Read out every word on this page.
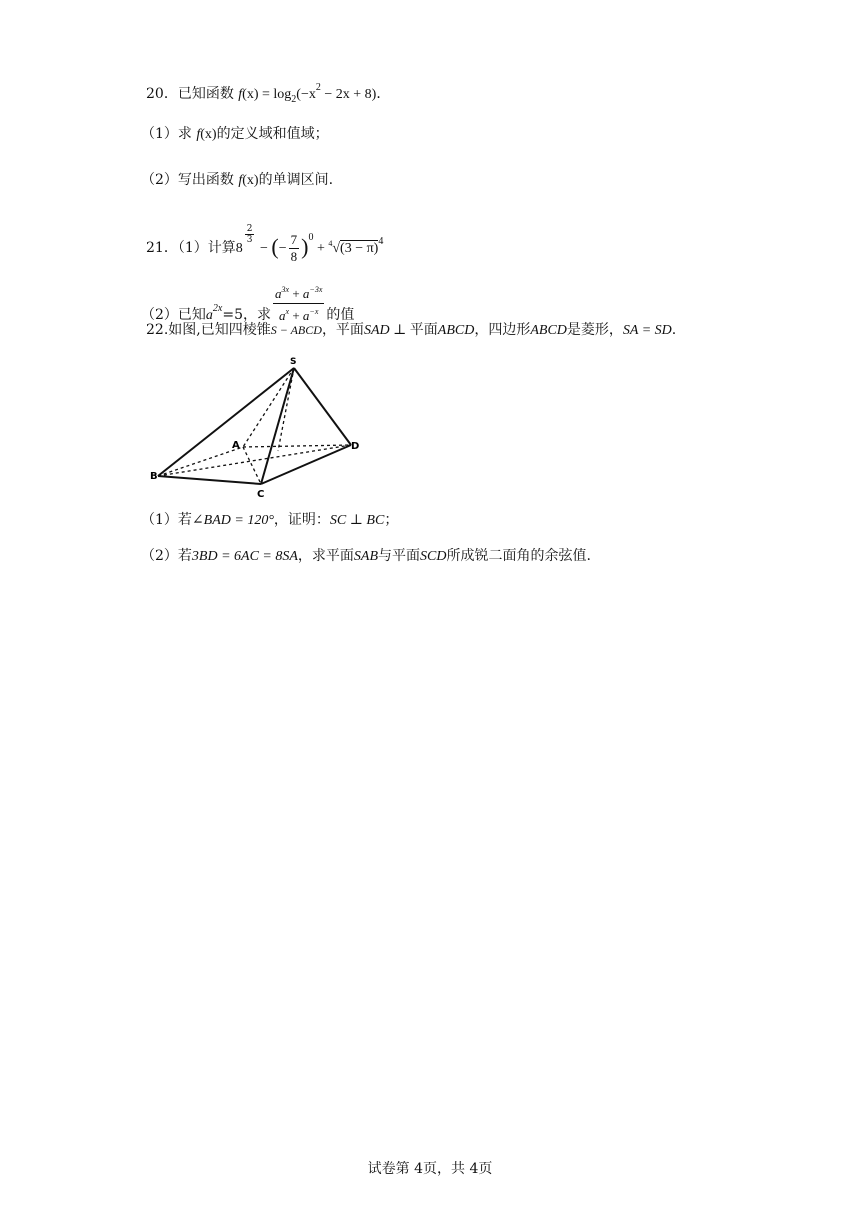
20．已知函数 $f(x) = \log_2(-x^2 - 2x + 8)$．
（1）求 f(x)的定义域和值域；
（2）写出函数 f(x)的单调区间.
21．（1）计算8
$\frac{2}{3}$
− (− $\frac{7}{8} )^0 + ^4√(3 - \pi)^4$
（2）已知$a^{2x}=5$，求 $\frac{a^{3x} + a^{-3x}}{a^x + a^{-x}}$ 的值
22.如图,已知四棱锥S − ABCD，平面SAD ⊥ 平面ABCD，四边形ABCD是菱形，SA = SD.
S
A
B
C
D
（1）若∠BAD = 120°，证明：SC ⊥ BC；
（2）若3BD = 6AC = 8SA，求平面SAB与平面SCD所成锐二面角的余弦值.
试卷第 4页，共 4页
